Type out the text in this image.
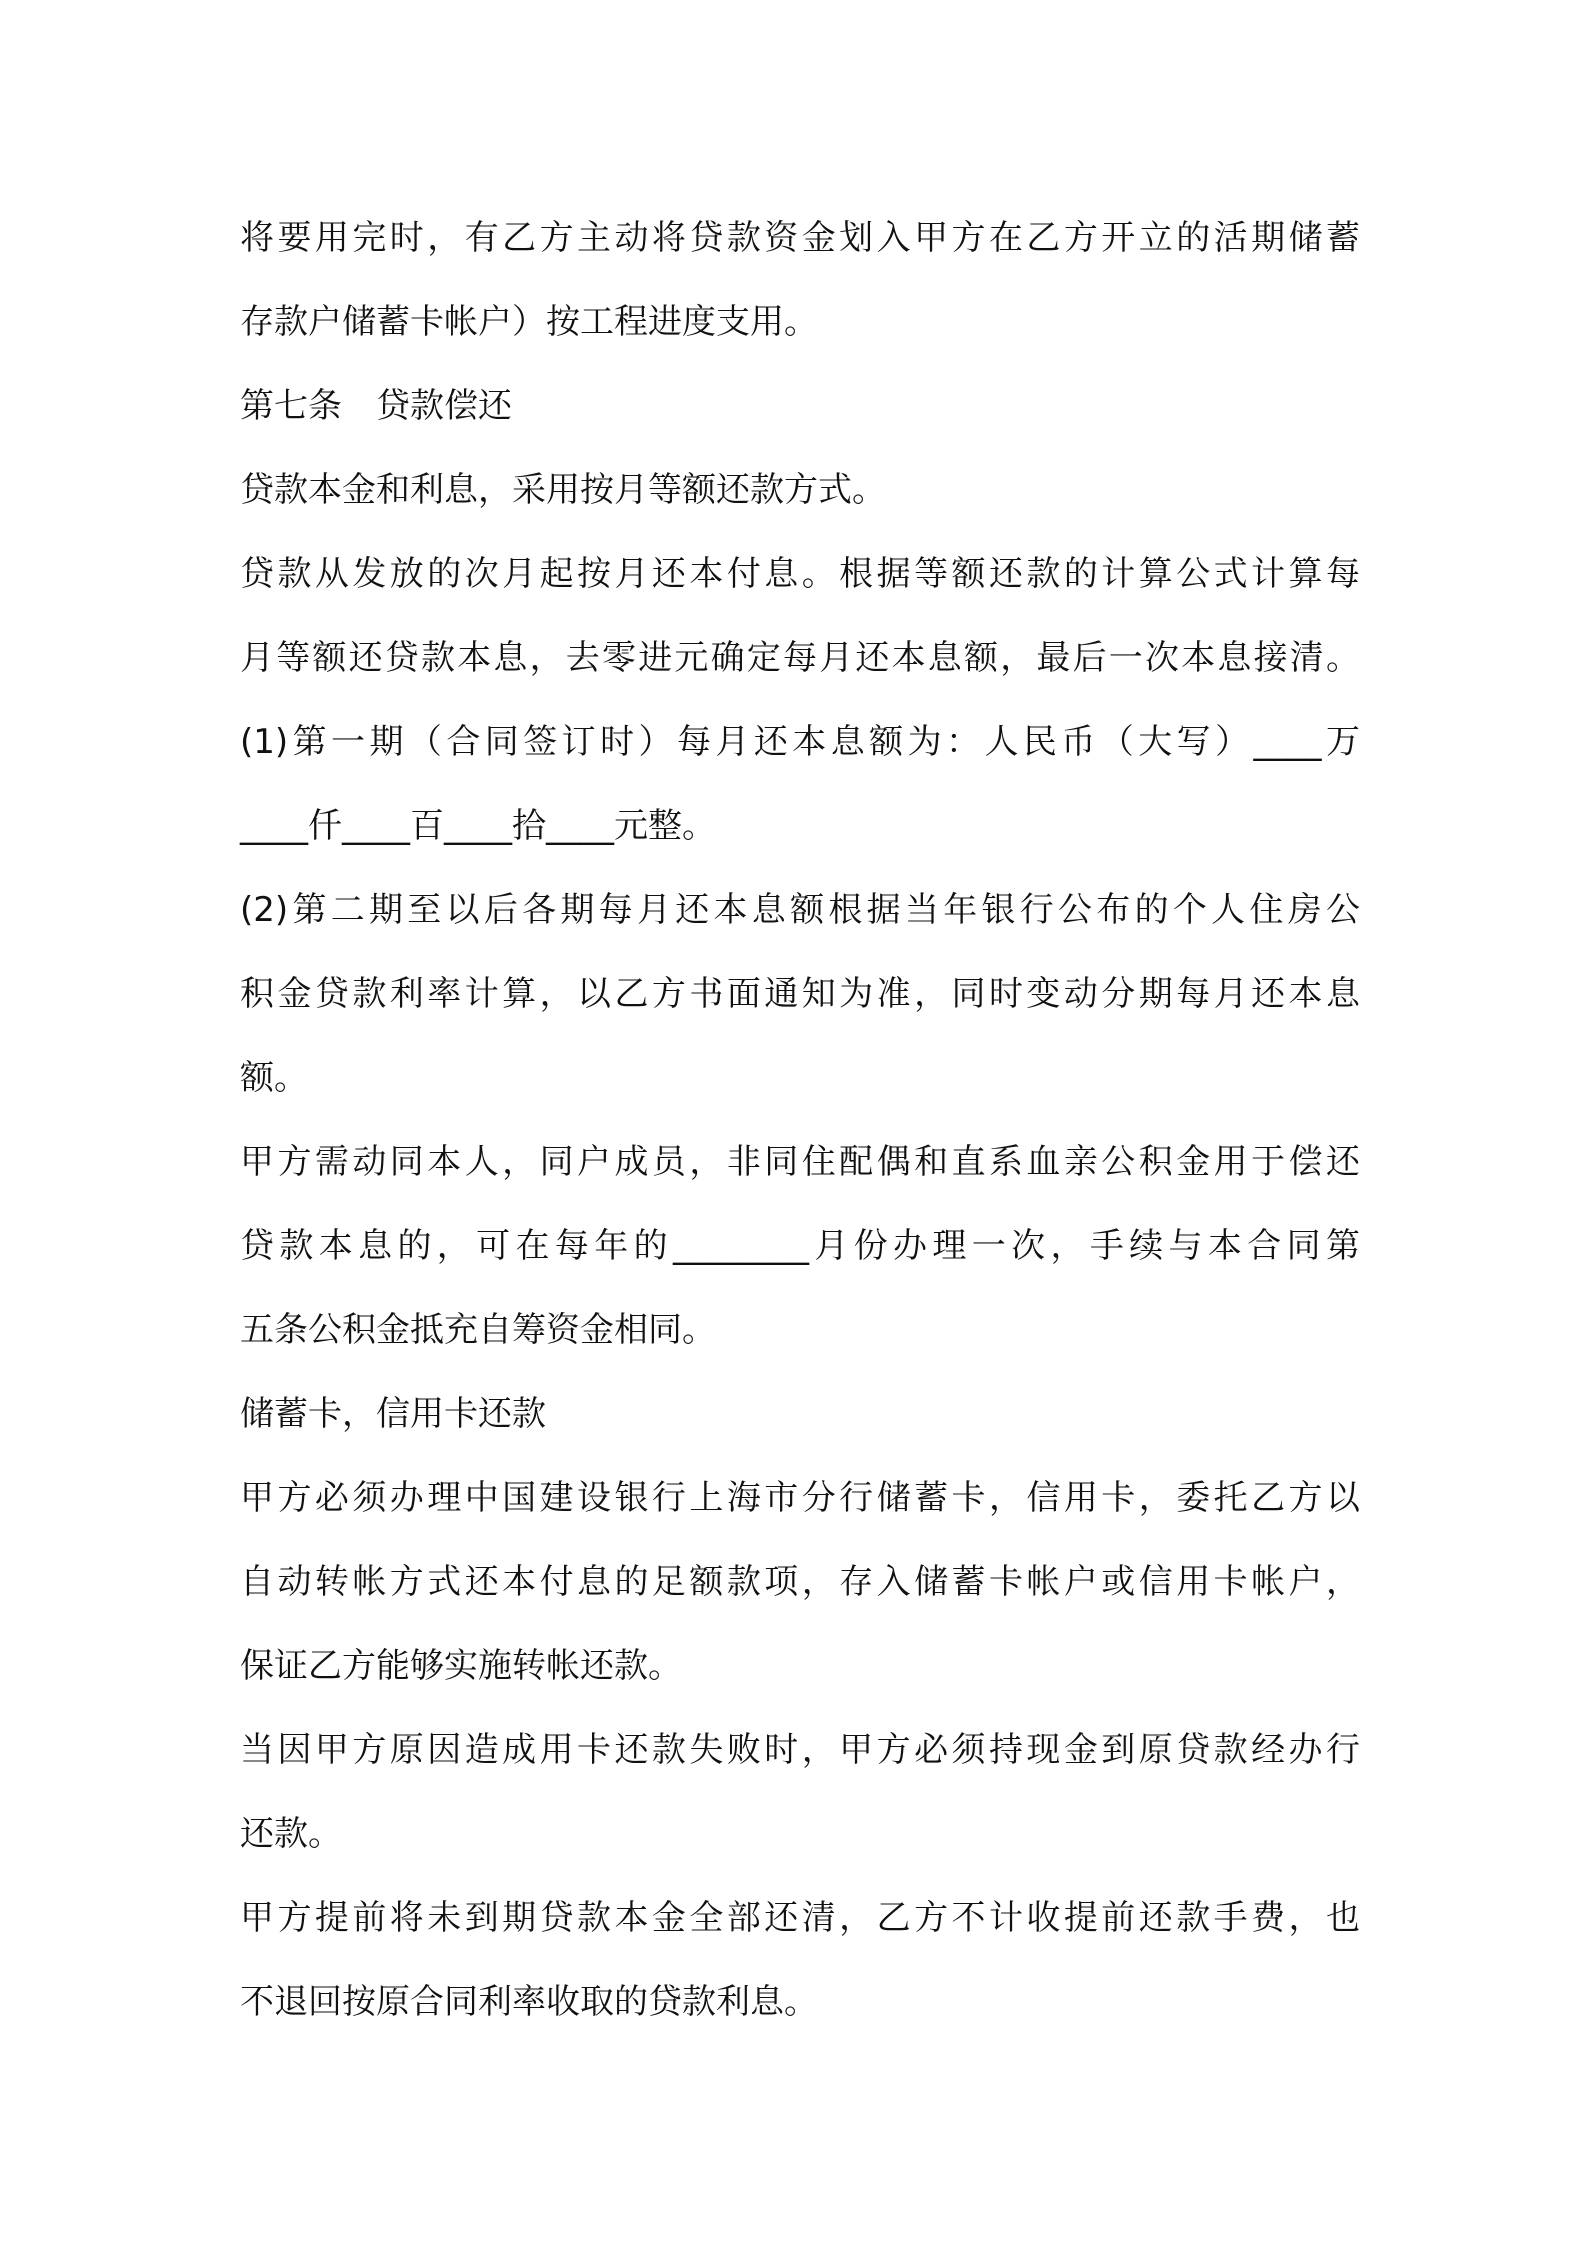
将要用完时，有乙方主动将贷款资金划入甲方在乙方开立的活期储蓄
存款户储蓄卡帐户）按工程进度支用。
第七条　贷款偿还
贷款本金和利息，采用按月等额还款方式。
贷款从发放的次月起按月还本付息。根据等额还款的计算公式计算每
月等额还贷款本息，去零进元确定每月还本息额，最后一次本息接清。
(1)第一期（合同签订时）每月还本息额为：人民币（大写）____万
____仟____百____拾____元整。
(2)第二期至以后各期每月还本息额根据当年银行公布的个人住房公
积金贷款利率计算，以乙方书面通知为准，同时变动分期每月还本息
额。
甲方需动同本人，同户成员，非同住配偶和直系血亲公积金用于偿还
贷款本息的，可在每年的________月份办理一次，手续与本合同第
五条公积金抵充自筹资金相同。
储蓄卡，信用卡还款
甲方必须办理中国建设银行上海市分行储蓄卡，信用卡，委托乙方以
自动转帐方式还本付息的足额款项，存入储蓄卡帐户或信用卡帐户，
保证乙方能够实施转帐还款。
当因甲方原因造成用卡还款失败时，甲方必须持现金到原贷款经办行
还款。
甲方提前将未到期贷款本金全部还清，乙方不计收提前还款手费，也
不退回按原合同利率收取的贷款利息。
